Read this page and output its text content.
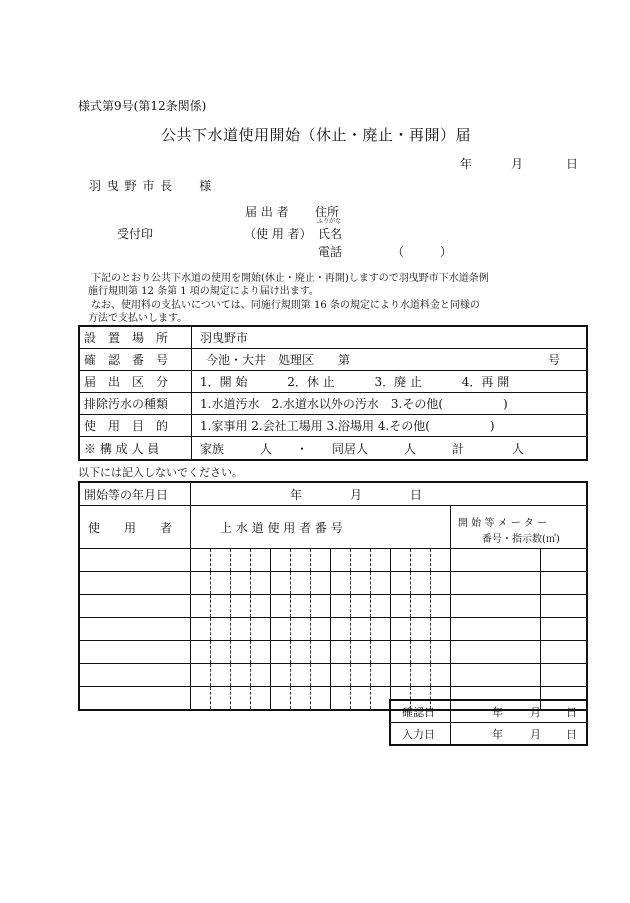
様式第9号(第12条関係)
公共下水道使用開始（休止・廃止・再開）届
年	月	日
羽 曳 野 市 長　　様
届 出 者 住所
受付印	（使 用 者）
ふりがな
氏名
電話	（　　　）
　下記のとおり公共下水道の使用を開始(休止・廃止・再開)しますので羽曳野市下水道条例
施行規則第 12 条第 1 項の規定により届け出ます。
　なお、使用料の支払いについては、同施行規則第 16 条の規定により水道料金と同様の
方法で支払いします。
設　置　場　所	羽曳野市
確　認　番　号	今池・大井　処理区　　第	号
届　出　区　分	1．開 始　　　 2．休 止　　　 3．廃 止　　　 4．再 開
排除汚水の種類	1.水道汚水　2.水道水以外の汚水　3.その他(　　　　　)
使　用　目　的	1.家事用 2.会社工場用 3.浴場用 4.その他(　　　　　)
※ 構 成 人 員	家族　　　人　　・　　同居人　　　人　　　計　　　　人
以下には記入しないでください。
開始等の年月日	年　　　　月　　　　日
使　　用　　者	上 水 道 使 用 者 番 号	開 始 等 メ ー タ ー
番号・指示数(㎥)
確認日	年 月 日
入力日	年 月 日
